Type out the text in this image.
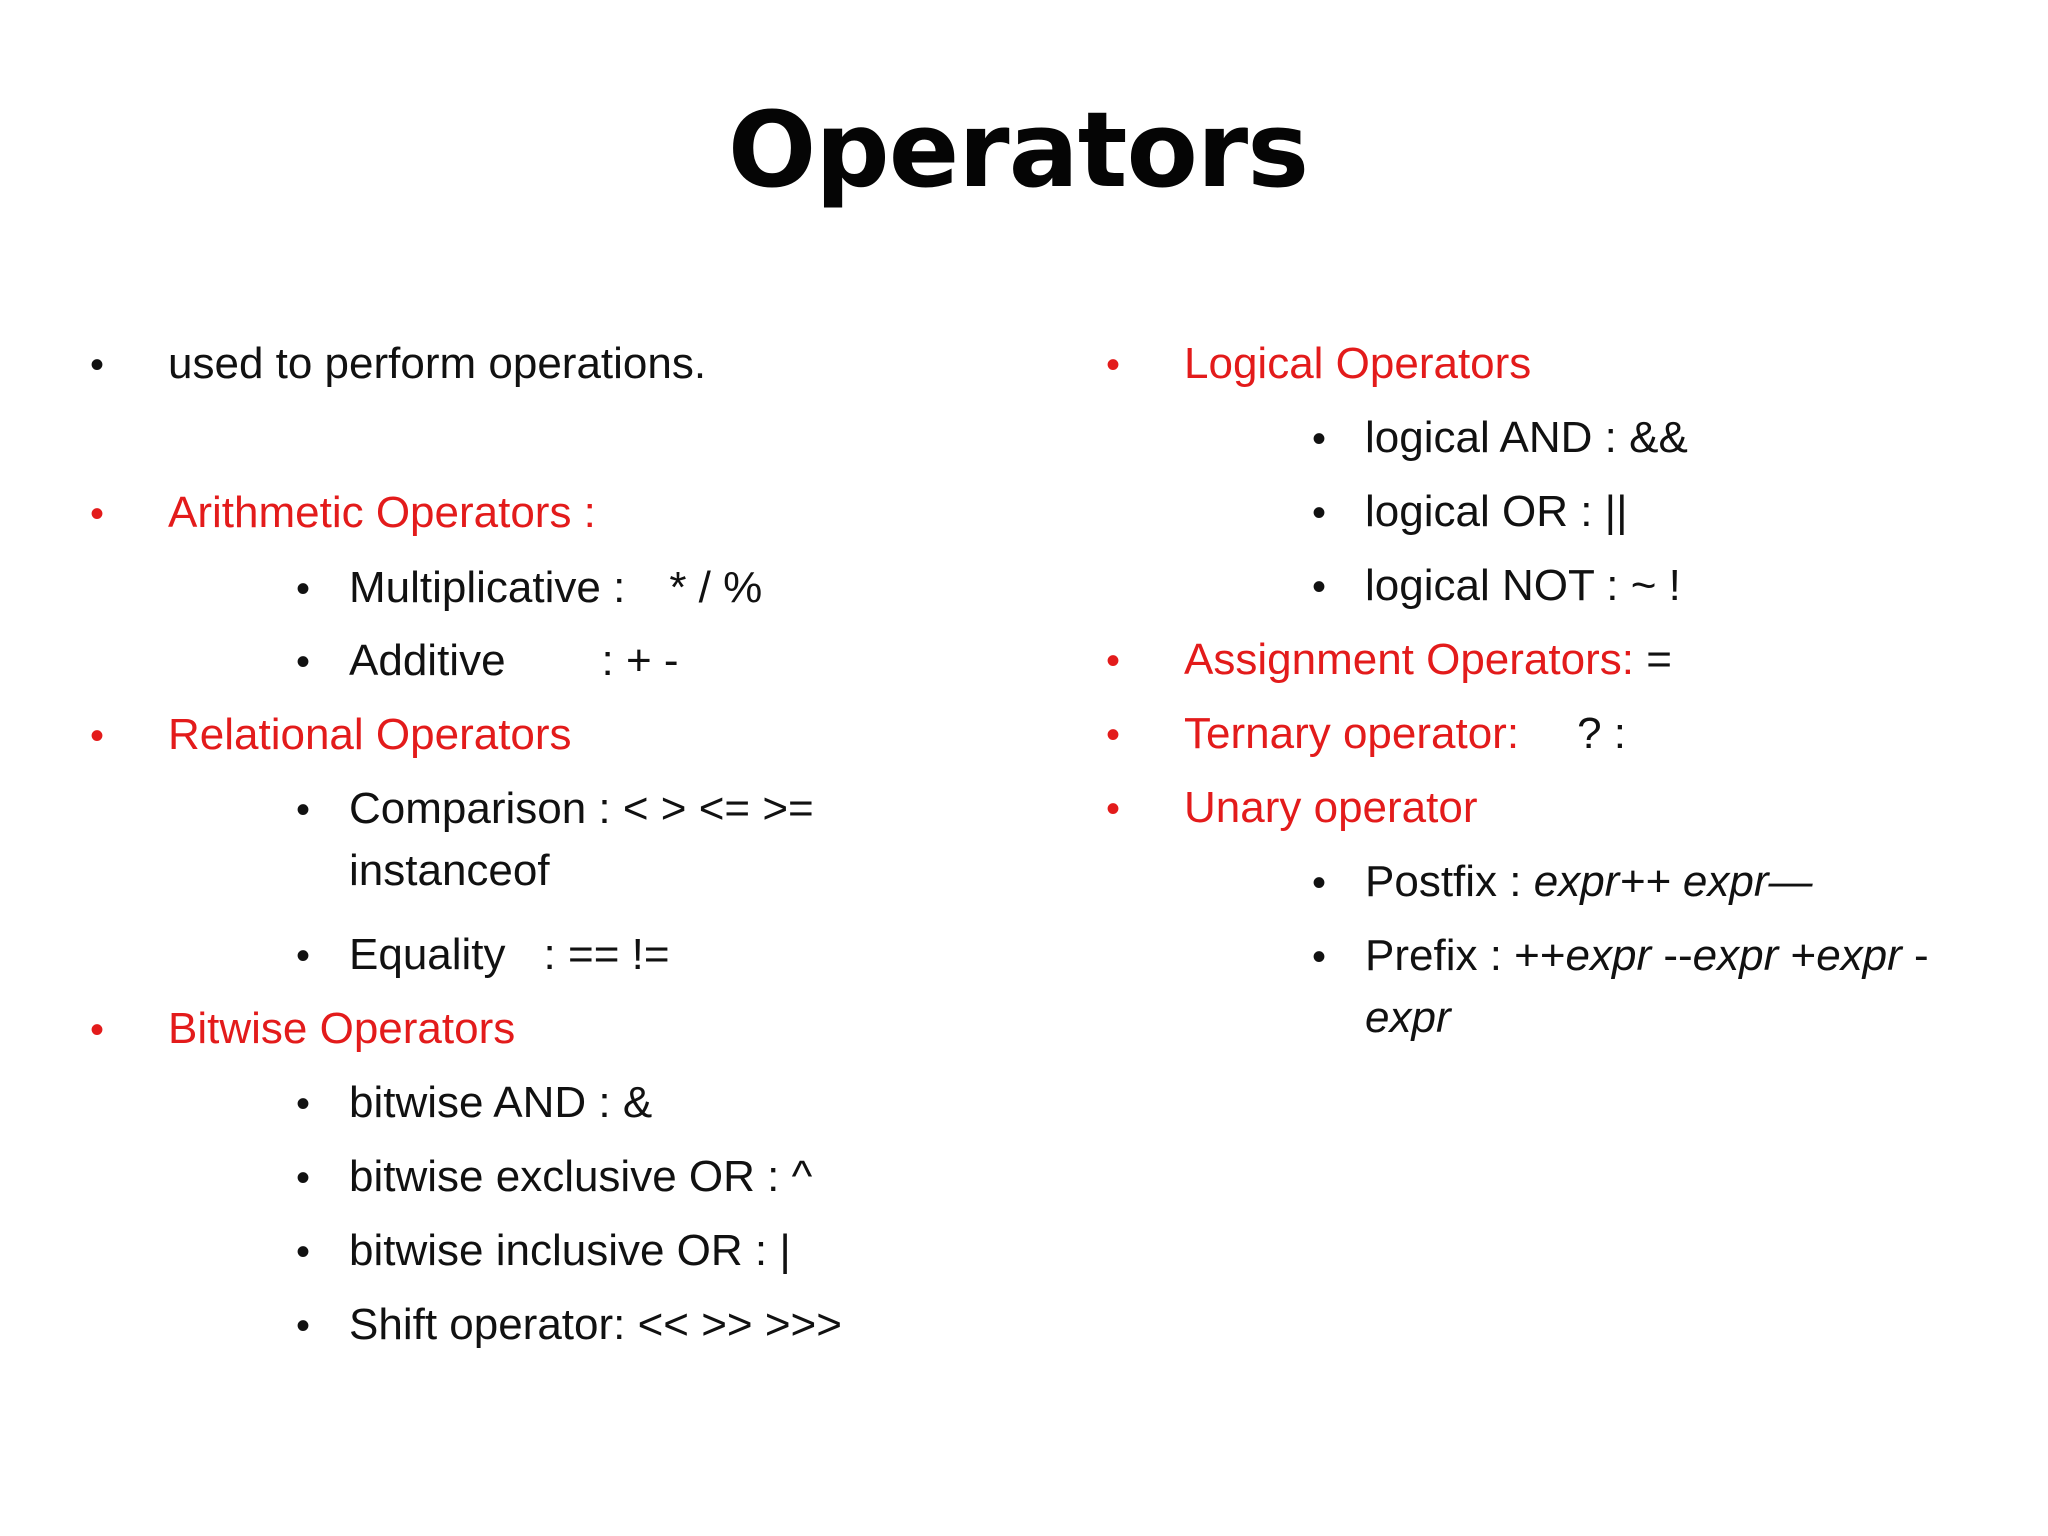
Operators
• used to perform operations.
• Arithmetic Operators :
• Multiplicative : * / %
• Additive : + -
• Relational Operators
• Comparison : < > <= >=
instanceof
• Equality : == !=
• Bitwise Operators
• bitwise AND : &
• bitwise exclusive OR : ^
• bitwise inclusive OR : |
• Shift operator: << >> >>>
• Logical Operators
• logical AND : &&
• logical OR : ||
• logical NOT : ~ !
• Assignment Operators: =
• Ternary operator: ? :
• Unary operator
• Postfix : expr++ expr—
• Prefix : ++expr --expr +expr -
expr
